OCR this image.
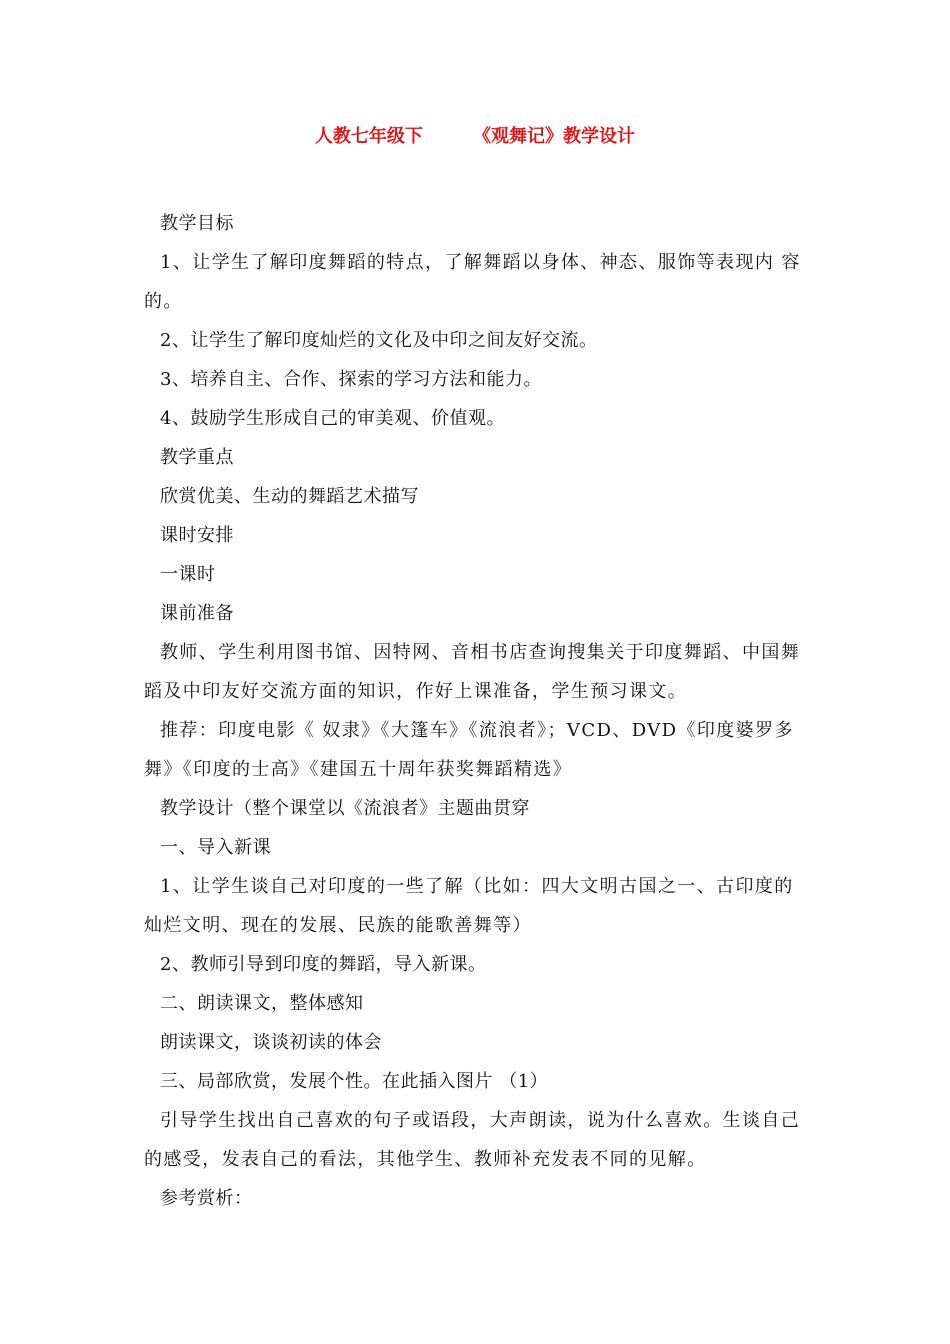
人教七年级下        《观舞记》教学设计

教学目标

1、让学生了解印度舞蹈的特点，了解舞蹈以身体、神态、服饰等表现内 容的。

2、让学生了解印度灿烂的文化及中印之间友好交流。

3、培养自主、合作、探索的学习方法和能力。

4、鼓励学生形成自己的审美观、价值观。

教学重点

欣赏优美、生动的舞蹈艺术描写

课时安排

一课时

课前准备

教师、学生利用图书馆、因特网、音相书店查询搜集关于印度舞蹈、中国舞蹈及中印友好交流方面的知识，作好上课准备，学生预习课文。

推荐：印度电影《 奴隶》《大篷车》《流浪者》；VCD、DVD《印度婆罗多舞》《印度的士高》《建国五十周年获奖舞蹈精选》

教学设计（整个课堂以《流浪者》主题曲贯穿

一、导入新课

1、让学生谈自己对印度的一些了解（比如：四大文明古国之一、古印度的灿烂文明、现在的发展、民族的能歌善舞等）

2、教师引导到印度的舞蹈，导入新课。

二、朗读课文，整体感知

朗读课文，谈谈初读的体会

三、局部欣赏，发展个性。在此插入图片 （1）

引导学生找出自己喜欢的句子或语段，大声朗读，说为什么喜欢。生谈自己的感受，发表自己的看法，其他学生、教师补充发表不同的见解。

参考赏析：
